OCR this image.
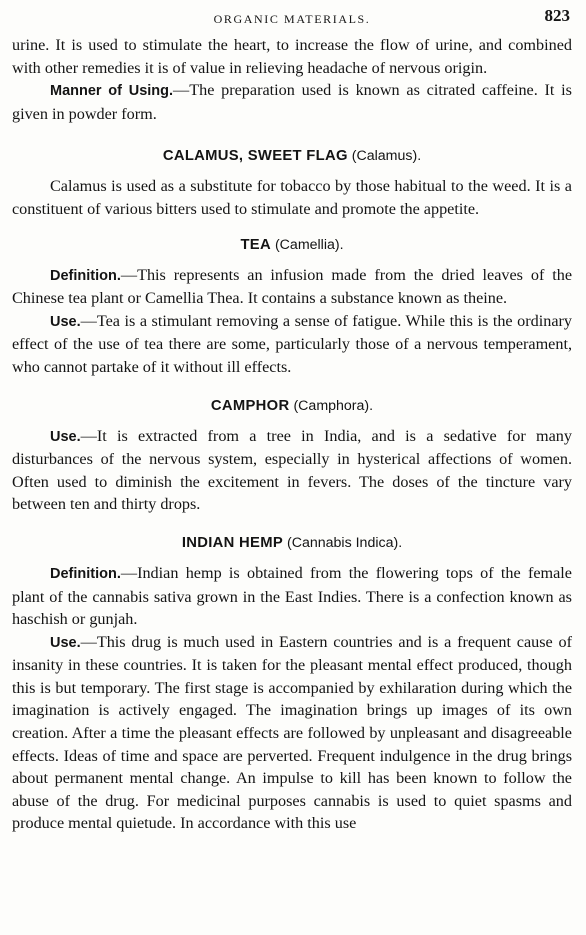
ORGANIC MATERIALS.	823

urine. It is used to stimulate the heart, to increase the flow of urine, and combined with other remedies it is of value in relieving headache of nervous origin.

Manner of Using.—The preparation used is known as citrated caffeine. It is given in powder form.

CALAMUS, SWEET FLAG (Calamus).

Calamus is used as a substitute for tobacco by those habitual to the weed. It is a constituent of various bitters used to stimulate and promote the appetite.

TEA (Camellia).

Definition.—This represents an infusion made from the dried leaves of the Chinese tea plant or Camellia Thea. It contains a substance known as theine.

Use.—Tea is a stimulant removing a sense of fatigue. While this is the ordinary effect of the use of tea there are some, particularly those of a nervous temperament, who cannot partake of it without ill effects.

CAMPHOR (Camphora).

Use.—It is extracted from a tree in India, and is a sedative for many disturbances of the nervous system, especially in hysterical affections of women. Often used to diminish the excitement in fevers. The doses of the tincture vary between ten and thirty drops.

INDIAN HEMP (Cannabis Indica).

Definition.—Indian hemp is obtained from the flowering tops of the female plant of the cannabis sativa grown in the East Indies. There is a confection known as haschish or gunjah.

Use.—This drug is much used in Eastern countries and is a frequent cause of insanity in these countries. It is taken for the pleasant mental effect produced, though this is but temporary. The first stage is accompanied by exhilaration during which the imagination is actively engaged. The imagination brings up images of its own creation. After a time the pleasant effects are followed by unpleasant and disagreeable effects. Ideas of time and space are perverted. Frequent indulgence in the drug brings about permanent mental change. An impulse to kill has been known to follow the abuse of the drug. For medicinal purposes cannabis is used to quiet spasms and produce mental quietude. In accordance with this use
